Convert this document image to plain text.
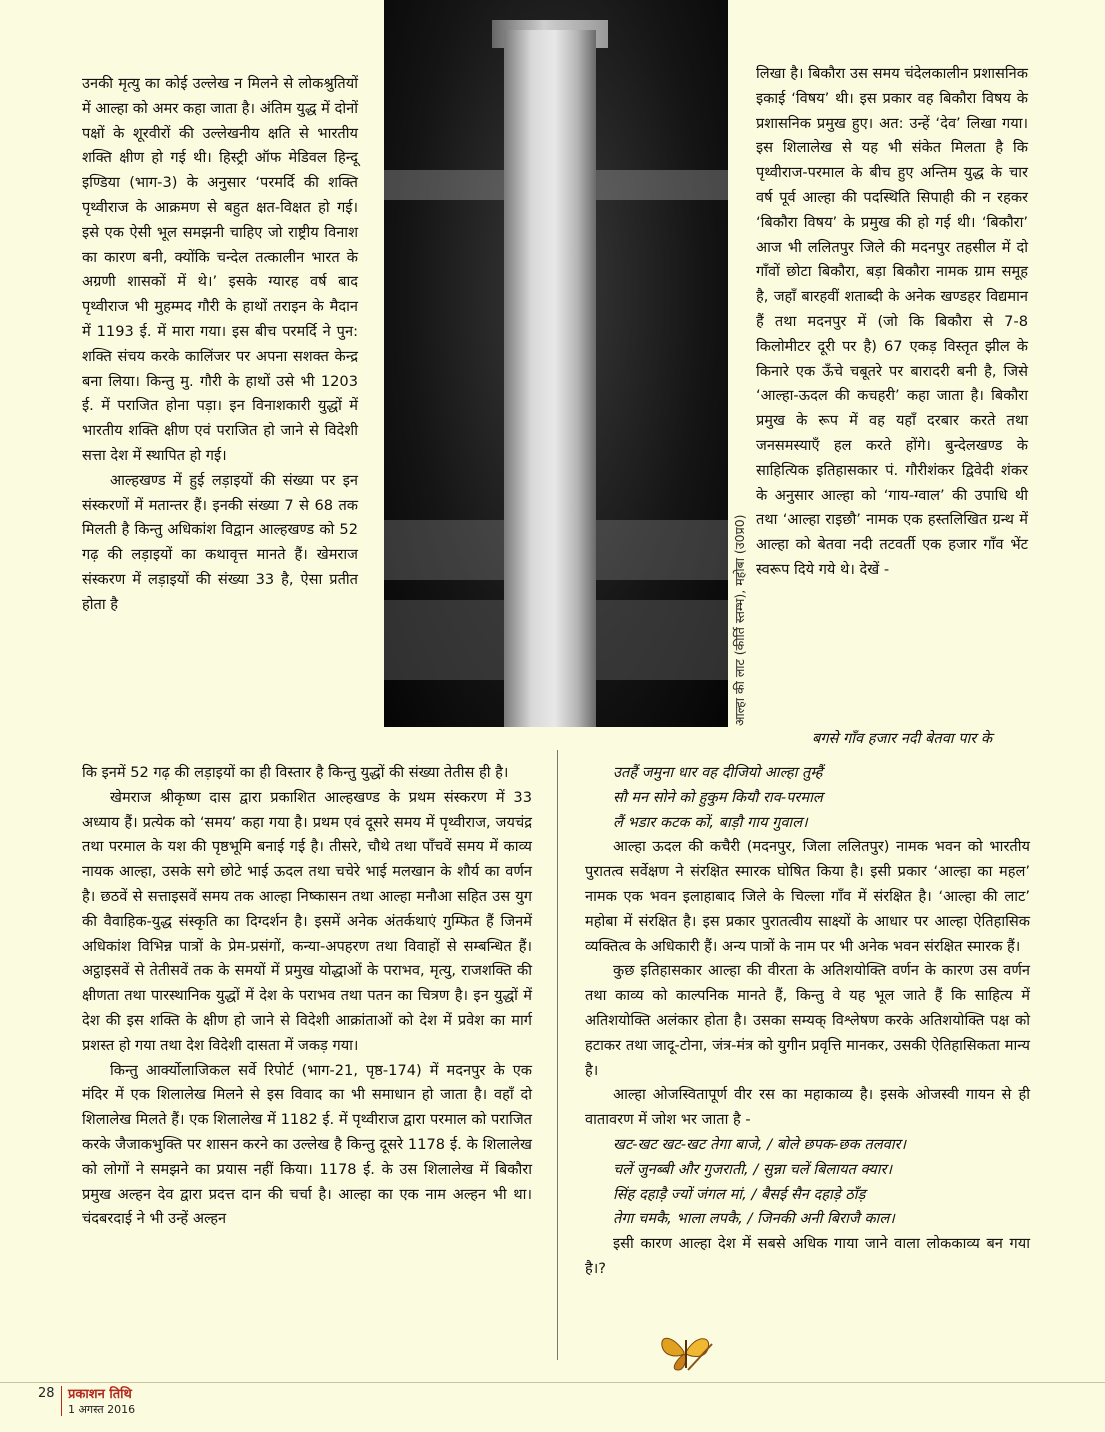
आल्हा की लाट (कीर्ति स्तम्भ), महोबा (उ0प्र0)

उनकी मृत्यु का कोई उल्लेख न मिलने से लोकश्रुतियों में आल्हा को अमर कहा जाता है। अंतिम युद्ध में दोनों पक्षों के शूरवीरों की उल्लेखनीय क्षति से भारतीय शक्ति क्षीण हो गई थी। हिस्ट्री ऑफ मेडिवल हिन्दू इण्डिया (भाग-3) के अनुसार ‘परमर्दि की शक्ति पृथ्वीराज के आक्रमण से बहुत क्षत-विक्षत हो गई। इसे एक ऐसी भूल समझनी चाहिए जो राष्ट्रीय विनाश का कारण बनी, क्योंकि चन्देल तत्कालीन भारत के अग्रणी शासकों में थे।’ इसके ग्यारह वर्ष बाद पृथ्वीराज भी मुहम्मद गौरी के हाथों तराइन के मैदान में 1193 ई. में मारा गया। इस बीच परमर्दि ने पुन: शक्ति संचय करके कालिंजर पर अपना सशक्त केन्द्र बना लिया। किन्तु मु. गौरी के हाथों उसे भी 1203 ई. में पराजित होना पड़ा। इन विनाशकारी युद्धों में भारतीय शक्ति क्षीण एवं पराजित हो जाने से विदेशी सत्ता देश में स्थापित हो गई।

आल्हखण्ड में हुई लड़ाइयों की संख्या पर इन संस्करणों में मतान्तर हैं। इनकी संख्या 7 से 68 तक मिलती है किन्तु अधिकांश विद्वान आल्हखण्ड को 52 गढ़ की लड़ाइयों का कथावृत्त मानते हैं। खेमराज संस्करण में लड़ाइयों की संख्या 33 है, ऐसा प्रतीत होता है

लिखा है। बिकौरा उस समय चंदेलकालीन प्रशासनिक इकाई ‘विषय’ थी। इस प्रकार वह बिकौरा विषय के प्रशासनिक प्रमुख हुए। अत: उन्हें ‘देव’ लिखा गया। इस शिलालेख से यह भी संकेत मिलता है कि पृथ्वीराज-परमाल के बीच हुए अन्तिम युद्ध के चार वर्ष पूर्व आल्हा की पदस्थिति सिपाही की न रहकर ‘बिकौरा विषय’ के प्रमुख की हो गई थी। ‘बिकौरा’ आज भी ललितपुर जिले की मदनपुर तहसील में दो गाँवों छोटा बिकौरा, बड़ा बिकौरा नामक ग्राम समूह है, जहाँ बारहवीं शताब्दी के अनेक खण्डहर विद्यमान हैं तथा मदनपुर में (जो कि बिकौरा से 7-8 किलोमीटर दूरी पर है) 67 एकड़ विस्तृत झील के किनारे एक ऊँचे चबूतरे पर बारादरी बनी है, जिसे ‘आल्हा-ऊदल की कचहरी’ कहा जाता है। बिकौरा प्रमुख के रूप में वह यहाँ दरबार करते तथा जनसमस्याएँ हल करते होंगे। बुन्देलखण्ड के साहित्यिक इतिहासकार पं. गौरीशंकर द्विवेदी शंकर के अनुसार आल्हा को ‘गाय-ग्वाल’ की उपाधि थी तथा ‘आल्हा राइछौ’ नामक एक हस्तलिखित ग्रन्थ में आल्हा को बेतवा नदी तटवर्ती एक हजार गाँव भेंट स्वरूप दिये गये थे। देखें -

बगसे गाँव हजार नदी बेतवा पार के

कि इनमें 52 गढ़ की लड़ाइयों का ही विस्तार है किन्तु युद्धों की संख्या तेतीस ही है।

खेमराज श्रीकृष्ण दास द्वारा प्रकाशित आल्हखण्ड के प्रथम संस्करण में 33 अध्याय हैं। प्रत्येक को ‘समय’ कहा गया है। प्रथम एवं दूसरे समय में पृथ्वीराज, जयचंद्र तथा परमाल के यश की पृष्ठभूमि बनाई गई है। तीसरे, चौथे तथा पाँचवें समय में काव्य नायक आल्हा, उसके सगे छोटे भाई ऊदल तथा चचेरे भाई मलखान के शौर्य का वर्णन है। छठवें से सत्ताइसवें समय तक आल्हा निष्कासन तथा आल्हा मनौआ सहित उस युग की वैवाहिक-युद्ध संस्कृति का दिग्दर्शन है। इसमें अनेक अंतर्कथाएं गुम्फित हैं जिनमें अधिकांश विभिन्न पात्रों के प्रेम-प्रसंगों, कन्या-अपहरण तथा विवाहों से सम्बन्धित हैं। अट्ठाइसवें से तेतीसवें तक के समयों में प्रमुख योद्धाओं के पराभव, मृत्यु, राजशक्ति की क्षीणता तथा पारस्थानिक युद्धों में देश के पराभव तथा पतन का चित्रण है। इन युद्धों में देश की इस शक्ति के क्षीण हो जाने से विदेशी आक्रांताओं को देश में प्रवेश का मार्ग प्रशस्त हो गया तथा देश विदेशी दासता में जकड़ गया।

किन्तु आर्क्योलाजिकल सर्वे रिपोर्ट (भाग-21, पृष्ठ-174) में मदनपुर के एक मंदिर में एक शिलालेख मिलने से इस विवाद का भी समाधान हो जाता है। वहाँ दो शिलालेख मिलते हैं। एक शिलालेख में 1182 ई. में पृथ्वीराज द्वारा परमाल को पराजित करके जैजाकभुक्ति पर शासन करने का उल्लेख है किन्तु दूसरे 1178 ई. के शिलालेख को लोगों ने समझने का प्रयास नहीं किया। 1178 ई. के उस शिलालेख में बिकौरा प्रमुख अल्हन देव द्वारा प्रदत्त दान की चर्चा है। आल्हा का एक नाम अल्हन भी था। चंदबरदाई ने भी उन्हें अल्हन

उतहैं जमुना धार वह दीजियो आल्हा तुम्हैं

सौ मन सोने को हुकुम कियौ राव-परमाल

लैं भडार कटक कों, बाड़ौ गाय गुवाल।

आल्हा ऊदल की कचैरी (मदनपुर, जिला ललितपुर) नामक भवन को भारतीय पुरातत्व सर्वेक्षण ने संरक्षित स्मारक घोषित किया है। इसी प्रकार ‘आल्हा का महल’ नामक एक भवन इलाहाबाद जिले के चिल्ला गाँव में संरक्षित है। ‘आल्हा की लाट’ महोबा में संरक्षित है। इस प्रकार पुरातत्वीय साक्ष्यों के आधार पर आल्हा ऐतिहासिक व्यक्तित्व के अधिकारी हैं। अन्य पात्रों के नाम पर भी अनेक भवन संरक्षित स्मारक हैं।

कुछ इतिहासकार आल्हा की वीरता के अतिशयोक्ति वर्णन के कारण उस वर्णन तथा काव्य को काल्पनिक मानते हैं, किन्तु वे यह भूल जाते हैं कि साहित्य में अतिशयोक्ति अलंकार होता है। उसका सम्यक् विश्लेषण करके अतिशयोक्ति पक्ष को हटाकर तथा जादू-टोना, जंत्र-मंत्र को युगीन प्रवृत्ति मानकर, उसकी ऐतिहासिकता मान्य है।

आल्हा ओजस्वितापूर्ण वीर रस का महाकाव्य है। इसके ओजस्वी गायन से ही वातावरण में जोश भर जाता है -

खट-खट खट-खट तेगा बाजे, / बोले छपक-छक तलवार।

चलें जुनब्बी और गुजराती, / सुन्ना चलें बिलायत क्यार।

सिंह दहाड़ै ज्यों जंगल मां, / बैसई सैन दहाड़े ठाँड़

तेगा चमकै, भाला लपकै, / जिनकी अनी बिराजै काल।

इसी कारण आल्हा देश में सबसे अधिक गाया जाने वाला लोककाव्य बन गया है।?

28 प्रकाशन तिथि
1 अगस्त 2016
